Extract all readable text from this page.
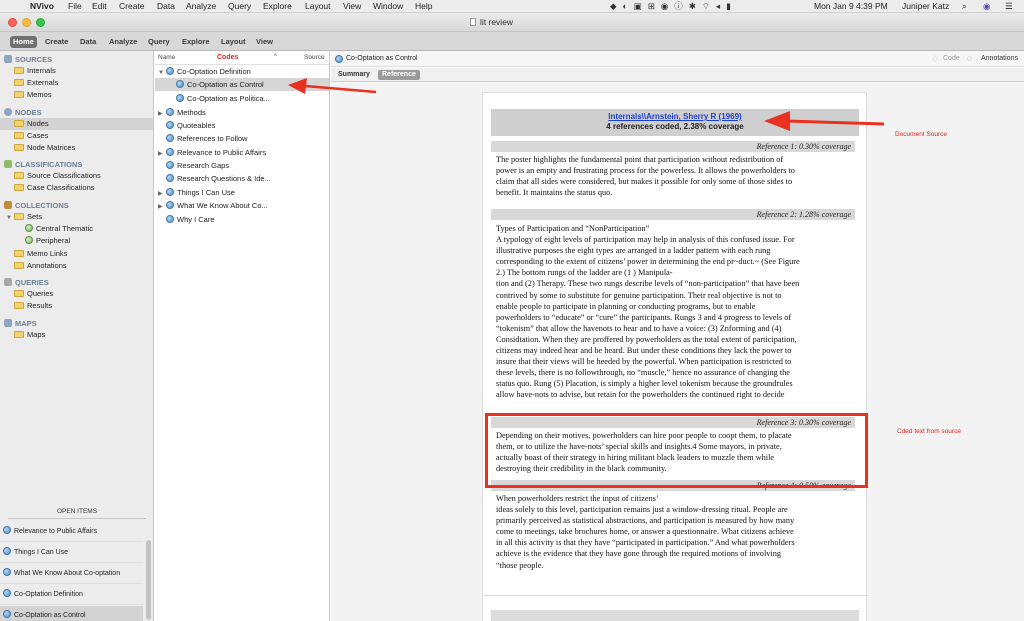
NVivo File Edit Create Data Analyze Query Explore Layout View Window Help	◆◐▣⊞◉ⓘ✱⌔◂▮	Mon Jan 9 4:39 PM Juniper Katz ⌕ ◉ ☰
lit review
Home	Create	Data	Analyze	Query	Explore	Layout	View
SOURCES
Internals
Externals
Memos
NODES
Nodes
Cases
Node Matrices
CLASSIFICATIONS
Source Classifications
Case Classifications
COLLECTIONS
▼ Sets
Central Thematic
Peripheral
Memo Links
Annotations
QUERIES
Queries
Results
MAPS
Maps
OPEN ITEMS
Relevance to Public Affairs
Things I Can Use
What We Know About Co-optation
Co-Optation Definition
Co-Optation as Control
Name	Codes	^	Source
▼ Co-Optation Definition
Co-Optation as Control
Co-Optation as Politica...
▶ Methods
Quoteables
References to Follow
▶ Relevance to Public Affairs
Research Gaps
Research Questions & Ide...
▶ Things I Can Use
▶ What We Know About Co...
Why I Care
Co-Optation as Control	♢ Code ◌ Annotations
Summary	Reference
Internals\\Arnstein, Sherry R (1969)
4 references coded, 2.38% coverage
Reference 1: 0.30% coverage
The poster highlights the fundamental point that participation without redistribution of
power is an empty and frustrating process for the powerless. It allows the powerholders to
claim that all sides were considered, but makes it possible for only some of those sides to
benefit. It maintains the status quo.
Reference 2: 1.28% coverage
Types of Participation and “NonParticipation”
A typology of eight levels of participation may help in analysis of this confused issue. For
illustrative purposes the eight types are arranged in a ladder pattern with each rung
corresponding to the extent of citizens’ power in determining the end pr~duct.~ (See Figure
2.) The bottom rungs of the ladder are (1 ) Manipula-
tion and (2) Therapy. These two rungs describe levels of “non-participation” that have been
contrived by some to substitute for genuine participation. Their real objective is not to
enable people to participate in planning or conducting programs, but to enable
powerholders to “educate” or “cure” the participants. Rungs 3 and 4 progress to levels of
“tokenism” that allow the havenots to hear and to have a voice: (3) Znforming and (4)
Considtation. When they are proffered by powerholders as the total extent of participation,
citizens may indeed hear and be heard. But under these conditions they lack the power to
insure that their views will be heeded by the powerful. When participation is restricted to
these levels, there is no followthrough, no “muscle,” hence no assurance of changing the
status quo. Rung (5) Placation, is simply a higher level tokenism because the groundrules
allow have-nots to advise, but retain for the powerholders the continued right to decide
Reference 3: 0.30% coverage
Depending on their motives, powerholders can hire poor people to coopt them, to placate
them, or to utilize the have-nots’ special skills and insights.4 Some mayors, in private,
actually boast of their strategy in hiring militant black leaders to muzzle them while
destroying their credibility in the black community.
Reference 4: 0.50% coverage
When powerholders restrict the input of citizens’
ideas solely to this level, participation remains just a window-dressing ritual. People are
primarily perceived as statistical abstractions, and participation is measured by how many
come to meetings, take brochures home, or answer a questionnaire. What citizens achieve
in all this activity is that they have “participated in participation.” And what powerholders
achieve is the evidence that they have gone through the required motions of involving
“those people.
Document Source
Cded text from source
